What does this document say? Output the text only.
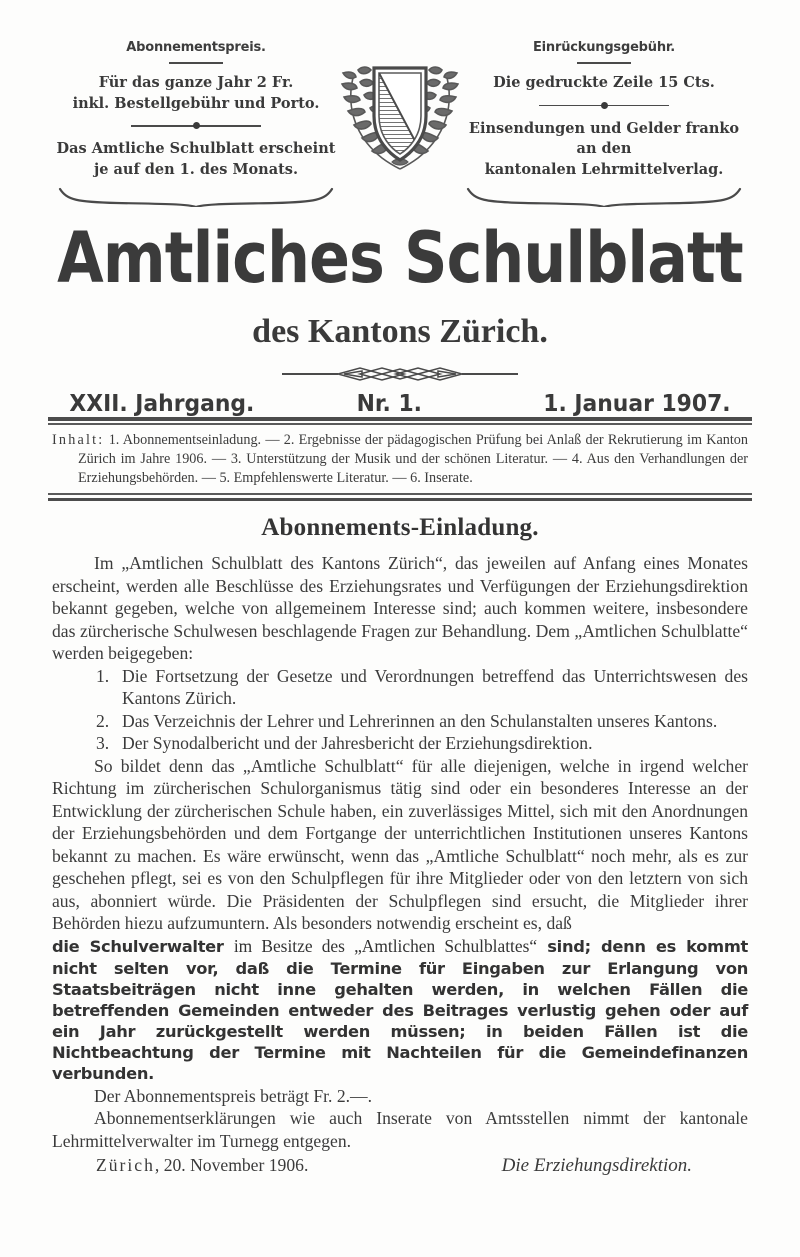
Abonnementspreis.
Für das ganze Jahr 2 Fr.
inkl. Bestellgebühr und Porto.
Das Amtliche Schulblatt erscheint
je auf den 1. des Monats.
Einrückungsgebühr.
Die gedruckte Zeile 15 Cts.
Einsendungen und Gelder franko
an den
kantonalen Lehrmittelverlag.
Amtliches Schulblatt
des Kantons Zürich.
XXII. Jahrgang.	Nr. 1.	1. Januar 1907.

Inhalt: 1. Abonnementseinladung. — 2. Ergebnisse der pädagogischen Prüfung bei Anlaß der Rekrutierung im Kanton Zürich im Jahre 1906. — 3. Unterstützung der Musik und der schönen Literatur. — 4. Aus den Verhandlungen der Erziehungsbehörden. — 5. Empfehlenswerte Literatur. — 6. Inserate.

Abonnements-Einladung.

Im „Amtlichen Schulblatt des Kantons Zürich“, das jeweilen auf Anfang eines Monates erscheint, werden alle Beschlüsse des Erziehungsrates und Verfügungen der Erziehungsdirektion bekannt gegeben, welche von allgemeinem Interesse sind; auch kommen weitere, insbesondere das zürcherische Schulwesen beschlagende Fragen zur Behandlung. Dem „Amtlichen Schulblatte“ werden beigegeben:

1. Die Fortsetzung der Gesetze und Verordnungen betreffend das Unterrichtswesen des Kantons Zürich.
2. Das Verzeichnis der Lehrer und Lehrerinnen an den Schulanstalten unseres Kantons.
3. Der Synodalbericht und der Jahresbericht der Erziehungsdirektion.

So bildet denn das „Amtliche Schulblatt“ für alle diejenigen, welche in irgend welcher Richtung im zürcherischen Schulorganismus tätig sind oder ein besonderes Interesse an der Entwicklung der zürcherischen Schule haben, ein zuverlässiges Mittel, sich mit den Anordnungen der Erziehungsbehörden und dem Fortgange der unterrichtlichen Institutionen unseres Kantons bekannt zu machen. Es wäre erwünscht, wenn das „Amtliche Schulblatt“ noch mehr, als es zur geschehen pflegt, sei es von den Schulpflegen für ihre Mitglieder oder von den letztern von sich aus, abonniert würde. Die Präsidenten der Schulpflegen sind ersucht, die Mitglieder ihrer Behörden hiezu aufzumuntern. Als besonders notwendig erscheint es, daß

die Schulverwalter im Besitze des „Amtlichen Schulblattes“ sind; denn es kommt nicht selten vor, daß die Termine für Eingaben zur Erlangung von Staatsbeiträgen nicht inne gehalten werden, in welchen Fällen die betreffenden Gemeinden entweder des Beitrages verlustig gehen oder auf ein Jahr zurückgestellt werden müssen; in beiden Fällen ist die Nichtbeachtung der Termine mit Nachteilen für die Gemeindefinanzen verbunden.

Der Abonnementspreis beträgt Fr. 2.—.

Abonnementserklärungen wie auch Inserate von Amtsstellen nimmt der kantonale Lehrmittelverwalter im Turnegg entgegen.

Zürich, 20. November 1906.	Die Erziehungsdirektion.
